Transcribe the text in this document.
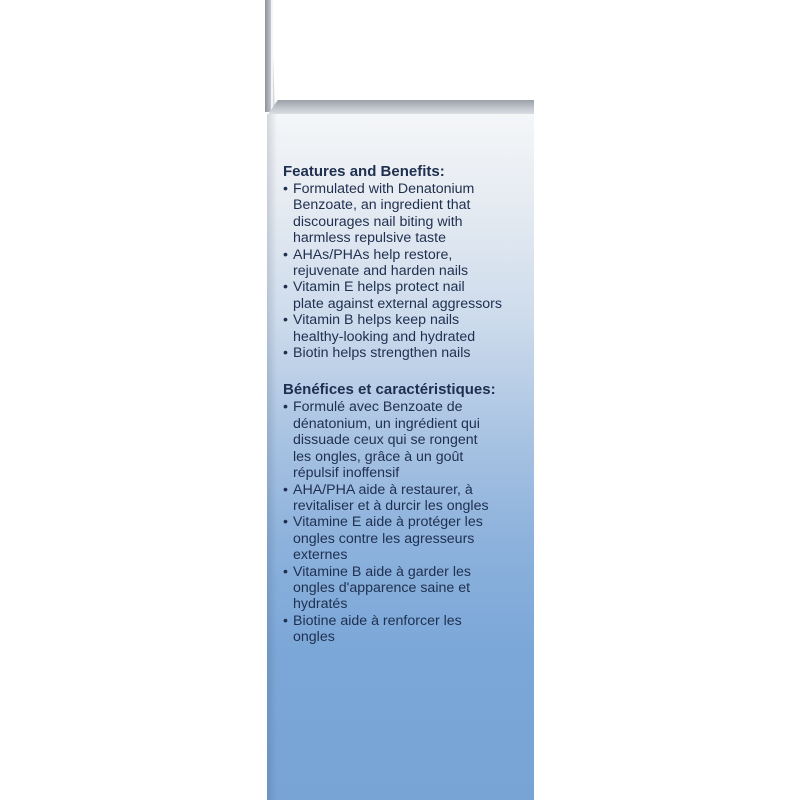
Features and Benefits:
• Formulated with Denatonium
Benzoate, an ingredient that
discourages nail biting with
harmless repulsive taste
• AHAs/PHAs help restore,
rejuvenate and harden nails
• Vitamin E helps protect nail
plate against external aggressors
• Vitamin B helps keep nails
healthy-looking and hydrated
• Biotin helps strengthen nails
Bénéfices et caractéristiques:
• Formulé avec Benzoate de
dénatonium, un ingrédient qui
dissuade ceux qui se rongent
les ongles, grâce à un goût
répulsif inoffensif
• AHA/PHA aide à restaurer, à
revitaliser et à durcir les ongles
• Vitamine E aide à protéger les
ongles contre les agresseurs
externes
• Vitamine B aide à garder les
ongles d'apparence saine et
hydratés
• Biotine aide à renforcer les
ongles
